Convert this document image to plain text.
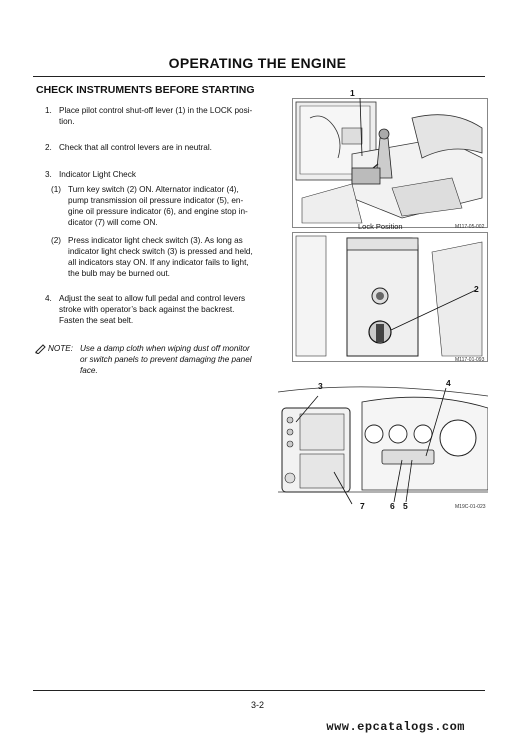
OPERATING THE ENGINE
CHECK INSTRUMENTS BEFORE STARTING
1. Place pilot control shut-off lever (1) in the LOCK posi-
tion.
2. Check that all control levers are in neutral.
3. Indicator Light Check
(1) Turn key switch (2) ON. Alternator indicator (4),
pump transmission oil pressure indicator (5), en-
gine oil pressure indicator (6), and engine stop in-
dicator (7) will come ON.
(2) Press indicator light check switch (3). As long as
indicator light check switch (3) is pressed and held,
all indicators stay ON. If any indicator fails to light,
the bulb may be burned out.
4. Adjust the seat to allow full pedal and control levers
stroke with operator’s back against the backrest.
Fasten the seat belt.
NOTE: Use a damp cloth when wiping dust off monitor
or switch panels to prevent damaging the panel
face.
1
M117-05-002
Lock Position
2
M117-01-093
3	4
7	6 5	M19C-01-023
3-2
www.epcatalogs.com
